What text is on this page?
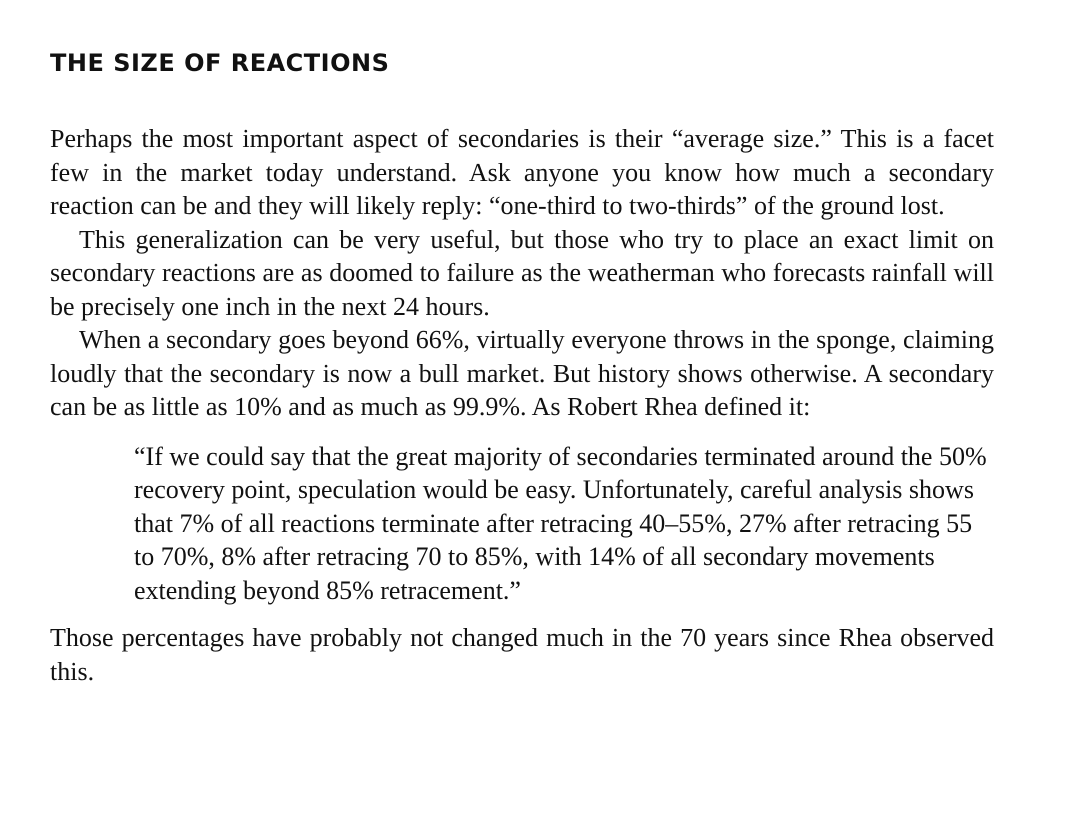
THE SIZE OF REACTIONS

Perhaps the most important aspect of secondaries is their “average size.” This is a facet few in the market today understand. Ask anyone you know how much a secondary reaction can be and they will likely reply: “one-third to two-thirds” of the ground lost.

This generalization can be very useful, but those who try to place an exact limit on secondary reactions are as doomed to failure as the weatherman who forecasts rainfall will be precisely one inch in the next 24 hours.

When a secondary goes beyond 66%, virtually everyone throws in the sponge, claiming loudly that the secondary is now a bull market. But history shows otherwise. A secondary can be as little as 10% and as much as 99.9%. As Robert Rhea defined it:

“If we could say that the great majority of secondaries terminated around the 50% recovery point, speculation would be easy. Unfortunately, careful analysis shows that 7% of all reactions terminate after retracing 40–55%, 27% after retracing 55 to 70%, 8% after retracing 70 to 85%, with 14% of all secondary movements extending beyond 85% retracement.”

Those percentages have probably not changed much in the 70 years since Rhea observed this.
